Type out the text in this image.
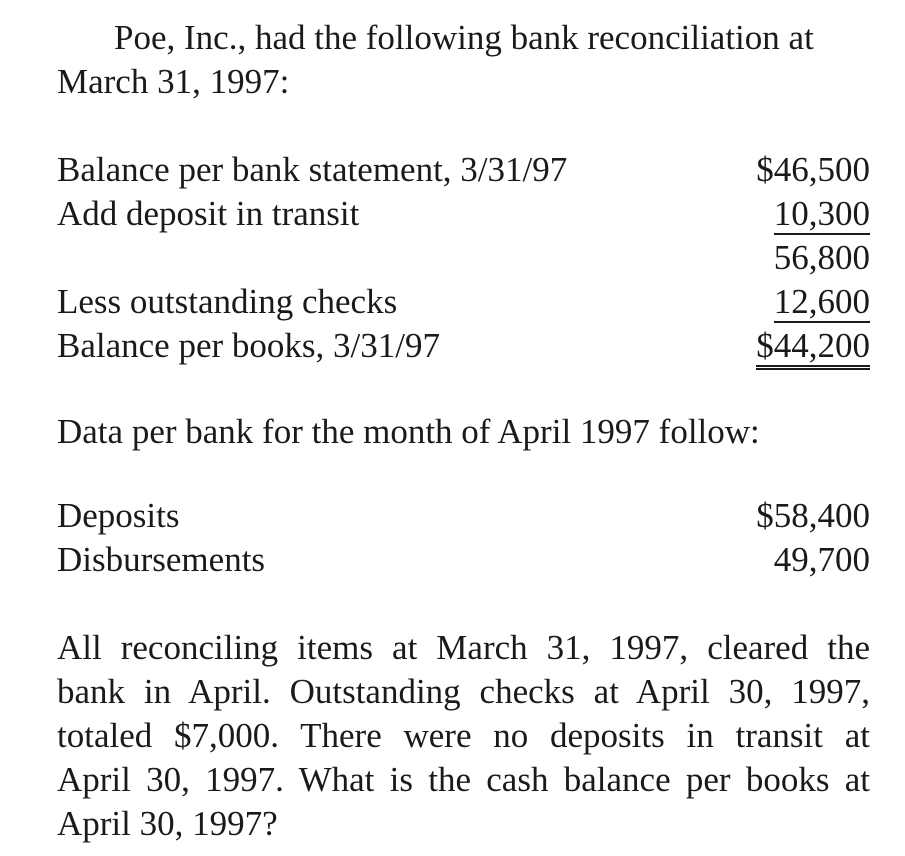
Poe, Inc., had the following bank reconciliation at
March 31, 1997:
Balance per bank statement, 3/31/97	$46,500
Add deposit in transit	10,300
56,800
Less outstanding checks	12,600
Balance per books, 3/31/97	$44,200
Data per bank for the month of April 1997 follow:
Deposits	$58,400
Disbursements	49,700
All reconciling items at March 31, 1997, cleared the
bank in April. Outstanding checks at April 30, 1997,
totaled $7,000. There were no deposits in transit at
April 30, 1997. What is the cash balance per books at
April 30, 1997?
